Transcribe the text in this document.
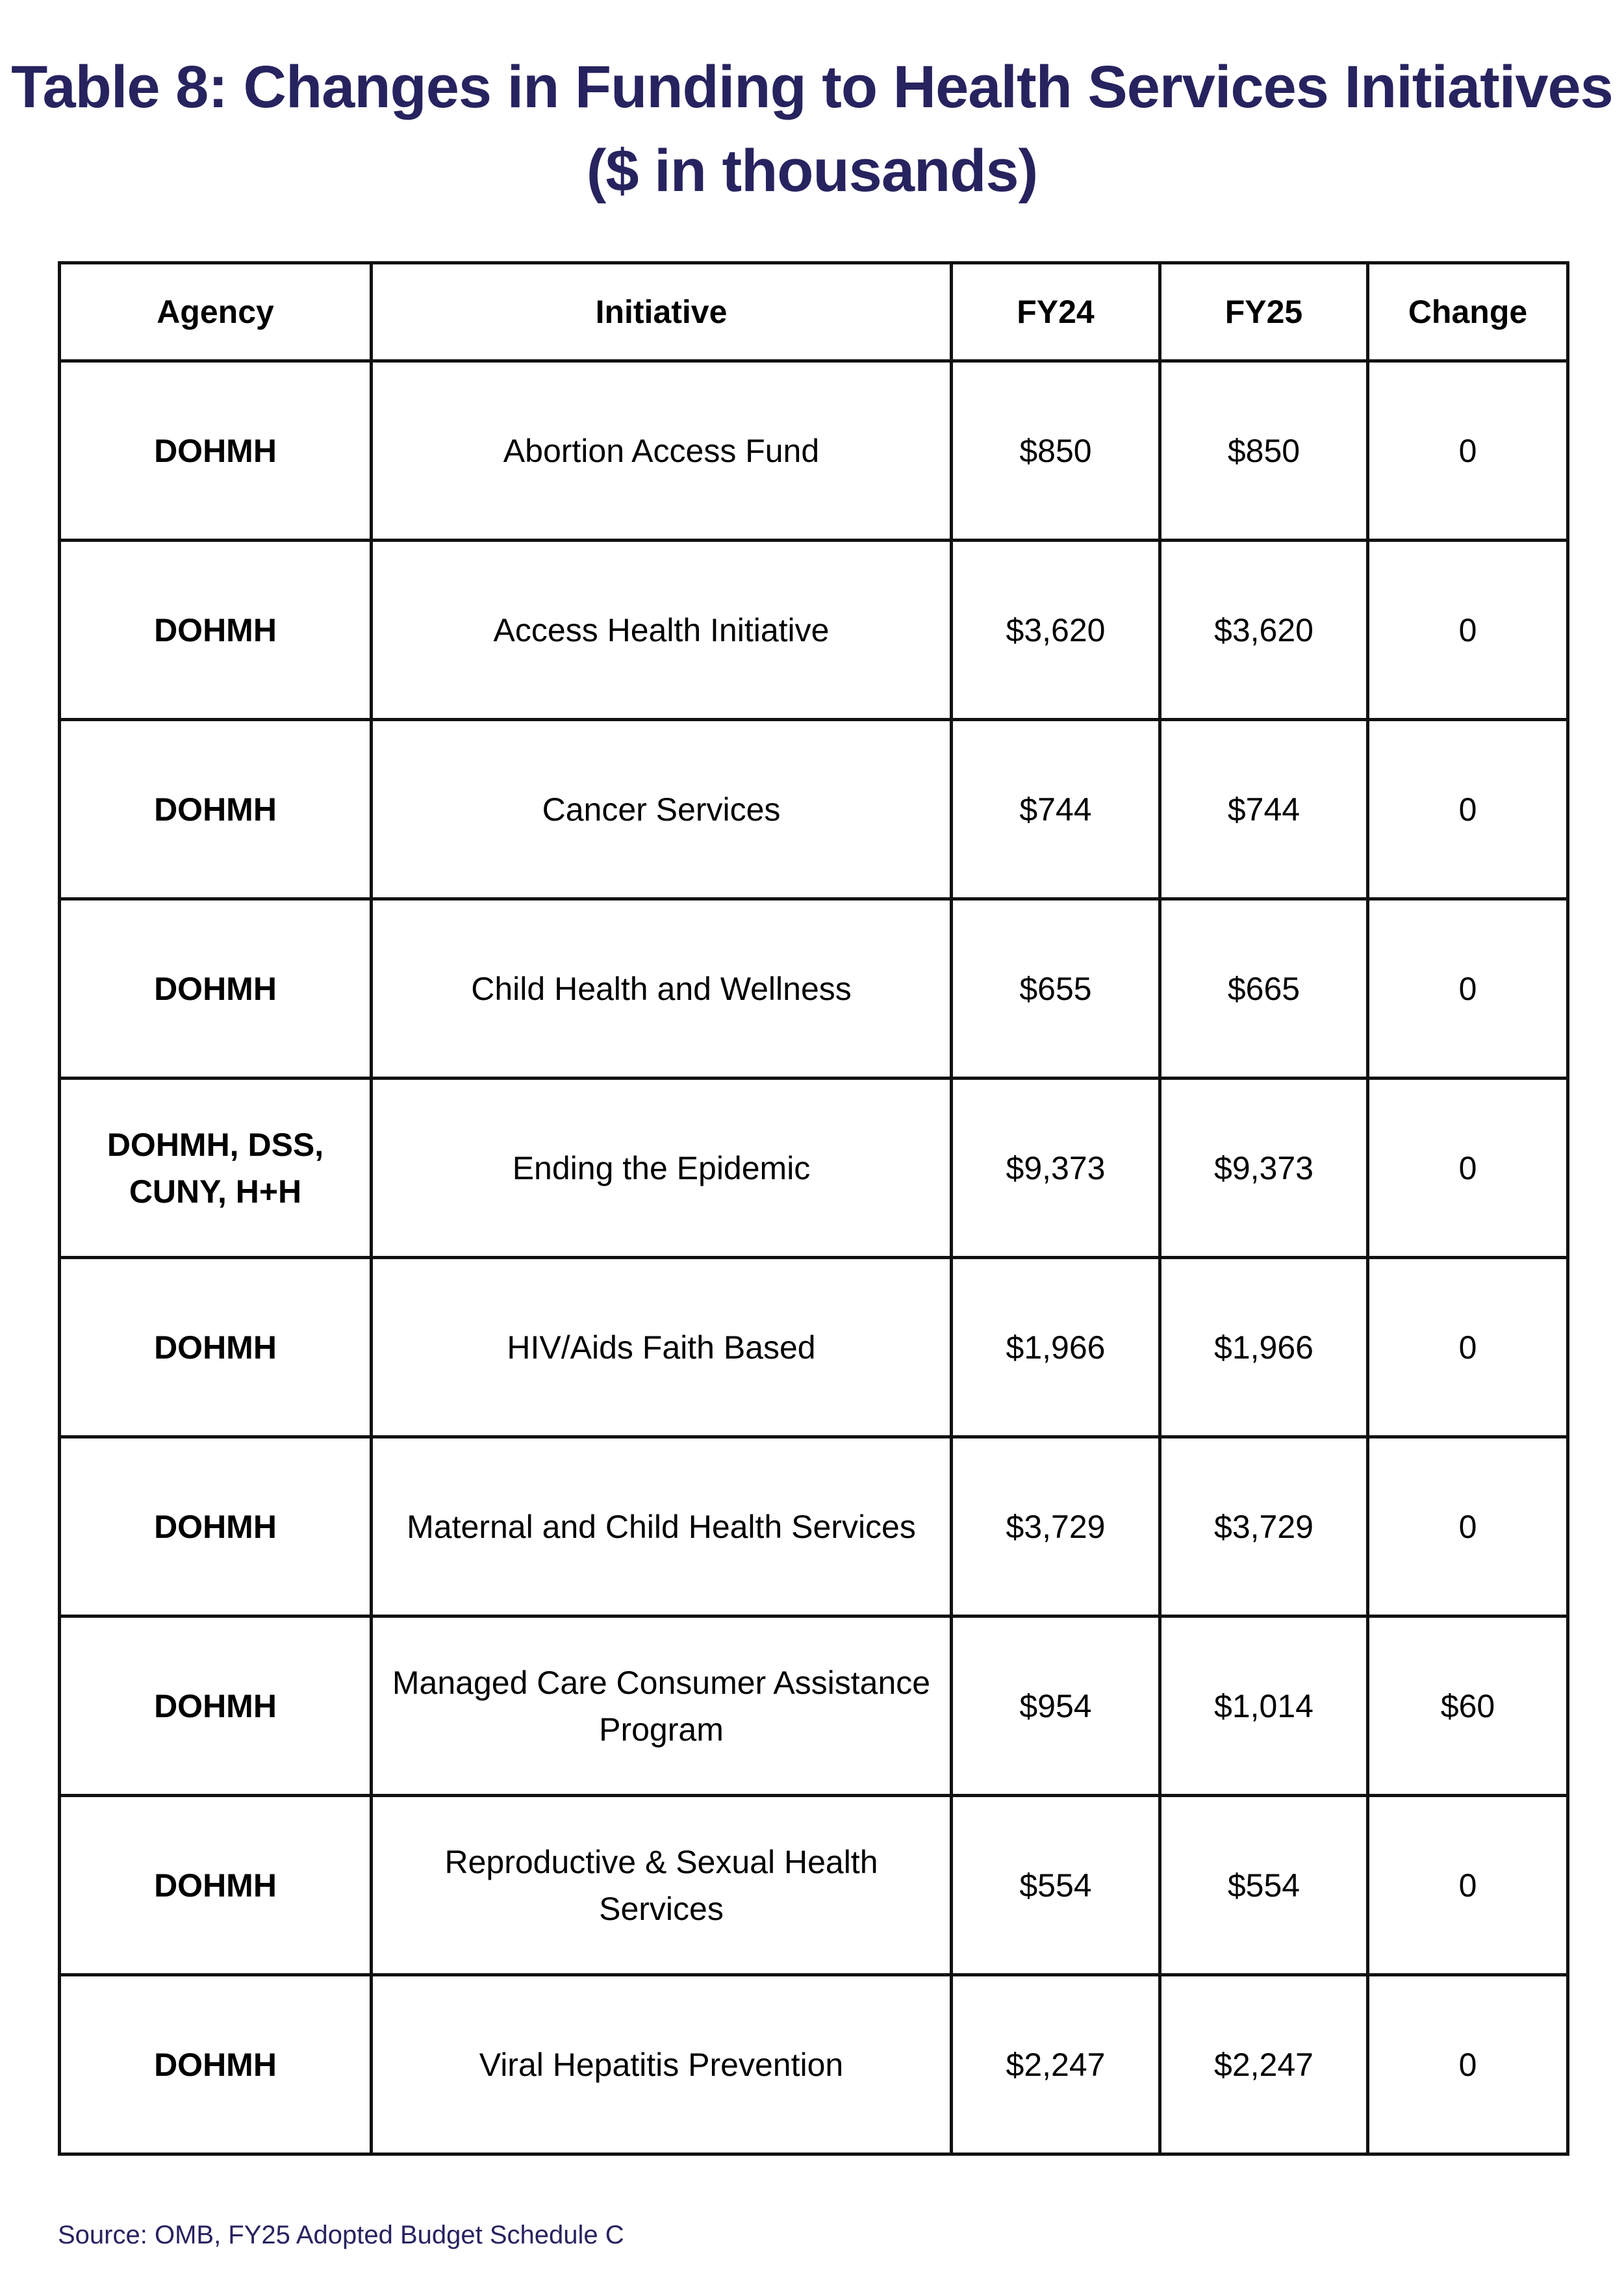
Table 8: Changes in Funding to Health Services Initiatives ($ in thousands)
Agency	Initiative	FY24	FY25	Change
DOHMH	Abortion Access Fund	$850	$850	0
DOHMH	Access Health Initiative	$3,620	$3,620	0
DOHMH	Cancer Services	$744	$744	0
DOHMH	Child Health and Wellness	$655	$665	0
DOHMH, DSS, CUNY, H+H	Ending the Epidemic	$9,373	$9,373	0
DOHMH	HIV/Aids Faith Based	$1,966	$1,966	0
DOHMH	Maternal and Child Health Services	$3,729	$3,729	0
DOHMH	Managed Care Consumer Assistance Program	$954	$1,014	$60
DOHMH	Reproductive & Sexual Health Services	$554	$554	0
DOHMH	Viral Hepatitis Prevention	$2,247	$2,247	0
Source: OMB, FY25 Adopted Budget Schedule C
